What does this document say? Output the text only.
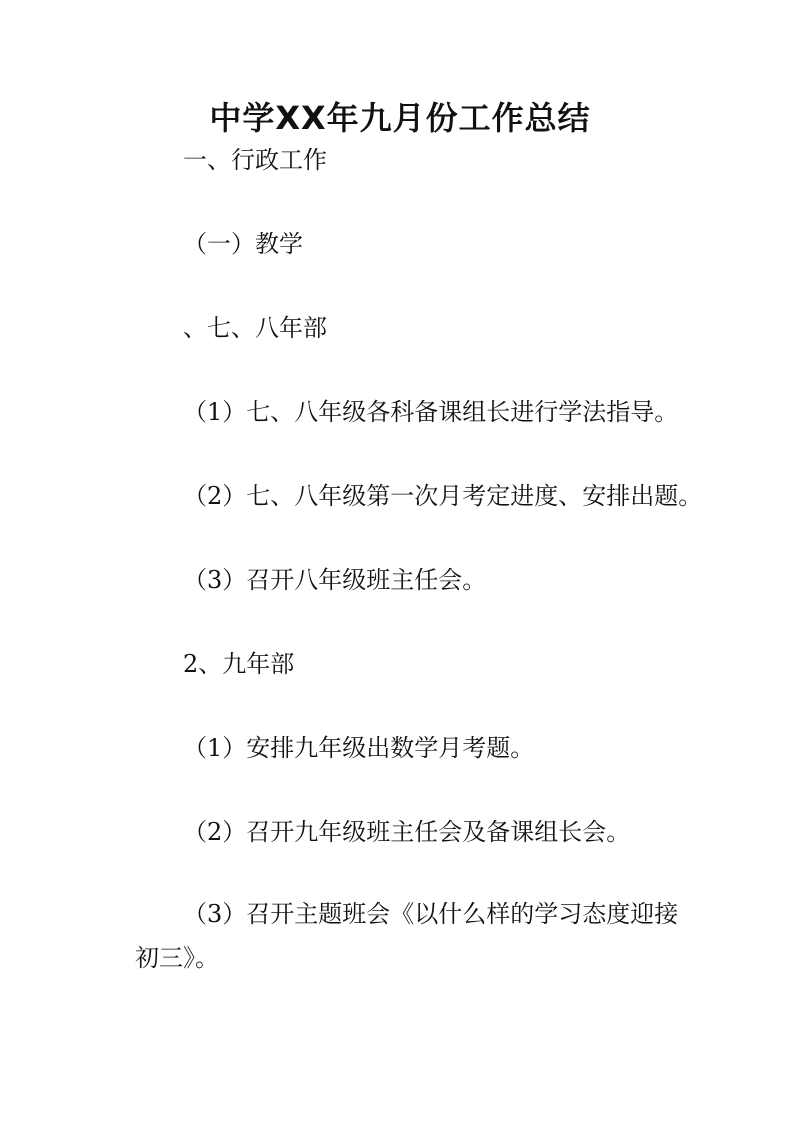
中学XX年九月份工作总结

一、行政工作

（一）教学

、七、八年部

（1）七、八年级各科备课组长进行学法指导。

（2）七、八年级第一次月考定进度、安排出题。

（3）召开八年级班主任会。

2、九年部

（1）安排九年级出数学月考题。

（2）召开九年级班主任会及备课组长会。

（3）召开主题班会《以什么样的学习态度迎接初三》。
